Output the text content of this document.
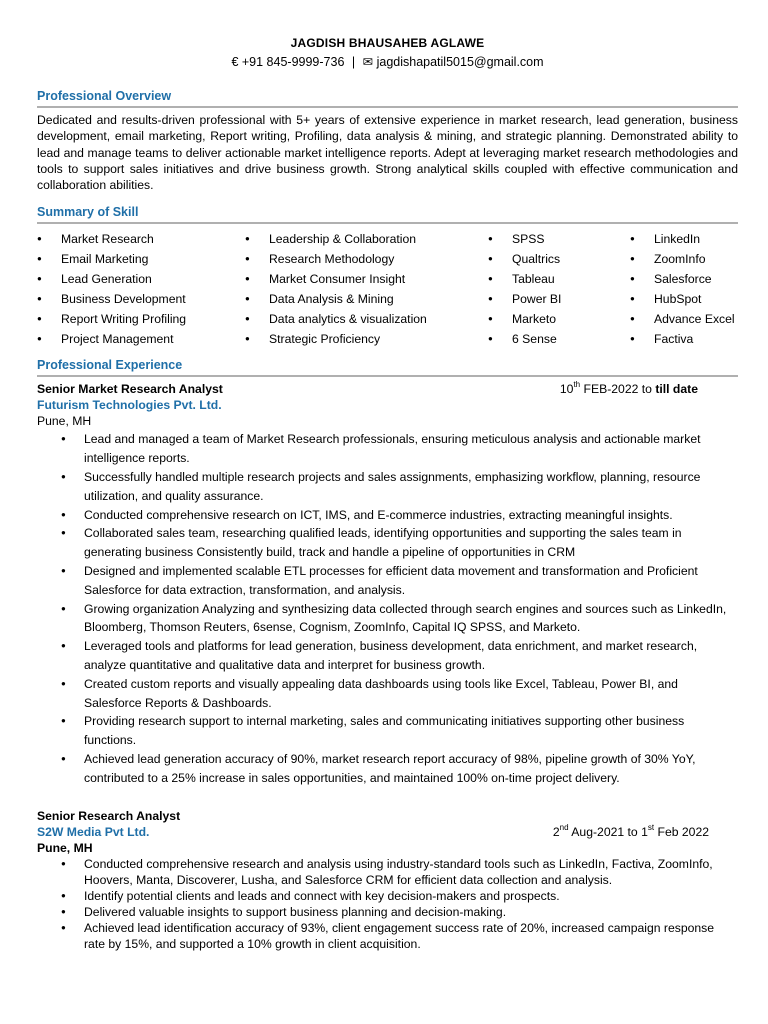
JAGDISH BHAUSAHEB AGLAWE
€ +91 845-9999-736 | ✉ jagdishapatil5015@gmail.com
Professional Overview
Dedicated and results-driven professional with 5+ years of extensive experience in market research, lead generation, business development, email marketing, Report writing, Profiling, data analysis & mining, and strategic planning. Demonstrated ability to lead and manage teams to deliver actionable market intelligence reports. Adept at leveraging market research methodologies and tools to support sales initiatives and drive business growth. Strong analytical skills coupled with effective communication and collaboration abilities.
Summary of Skill
● Market Research
● Email Marketing
● Lead Generation
● Business Development
● Report Writing Profiling
● Project Management
● Leadership & Collaboration
● Research Methodology
● Market Consumer Insight
● Data Analysis & Mining
● Data analytics & visualization
● Strategic Proficiency
● SPSS
● Qualtrics
● Tableau
● Power BI
● Marketo
● 6 Sense
● LinkedIn
● ZoomInfo
● Salesforce
● HubSpot
● Advance Excel
● Factiva
Professional Experience
Senior Market Research Analyst	10th FEB-2022 to till date
Futurism Technologies Pvt. Ltd.
Pune, MH
● Lead and managed a team of Market Research professionals, ensuring meticulous analysis and actionable market intelligence reports.
● Successfully handled multiple research projects and sales assignments, emphasizing workflow, planning, resource utilization, and quality assurance.
● Conducted comprehensive research on ICT, IMS, and E-commerce industries, extracting meaningful insights.
● Collaborated sales team, researching qualified leads, identifying opportunities and supporting the sales team in generating business Consistently build, track and handle a pipeline of opportunities in CRM
● Designed and implemented scalable ETL processes for efficient data movement and transformation and Proficient Salesforce for data extraction, transformation, and analysis.
● Growing organization Analyzing and synthesizing data collected through search engines and sources such as LinkedIn, Bloomberg, Thomson Reuters, 6sense, Cognism, ZoomInfo, Capital IQ SPSS, and Marketo.
● Leveraged tools and platforms for lead generation, business development, data enrichment, and market research, analyze quantitative and qualitative data and interpret for business growth.
● Created custom reports and visually appealing data dashboards using tools like Excel, Tableau, Power BI, and Salesforce Reports & Dashboards.
● Providing research support to internal marketing, sales and communicating initiatives supporting other business functions.
● Achieved lead generation accuracy of 90%, market research report accuracy of 98%, pipeline growth of 30% YoY, contributed to a 25% increase in sales opportunities, and maintained 100% on-time project delivery.
Senior Research Analyst
S2W Media Pvt Ltd.	2nd Aug-2021 to 1st Feb 2022
Pune, MH
● Conducted comprehensive research and analysis using industry-standard tools such as LinkedIn, Factiva, ZoomInfo, Hoovers, Manta, Discoverer, Lusha, and Salesforce CRM for efficient data collection and analysis.
● Identify potential clients and leads and connect with key decision-makers and prospects.
● Delivered valuable insights to support business planning and decision-making.
● Achieved lead identification accuracy of 93%, client engagement success rate of 20%, increased campaign response rate by 15%, and supported a 10% growth in client acquisition.
